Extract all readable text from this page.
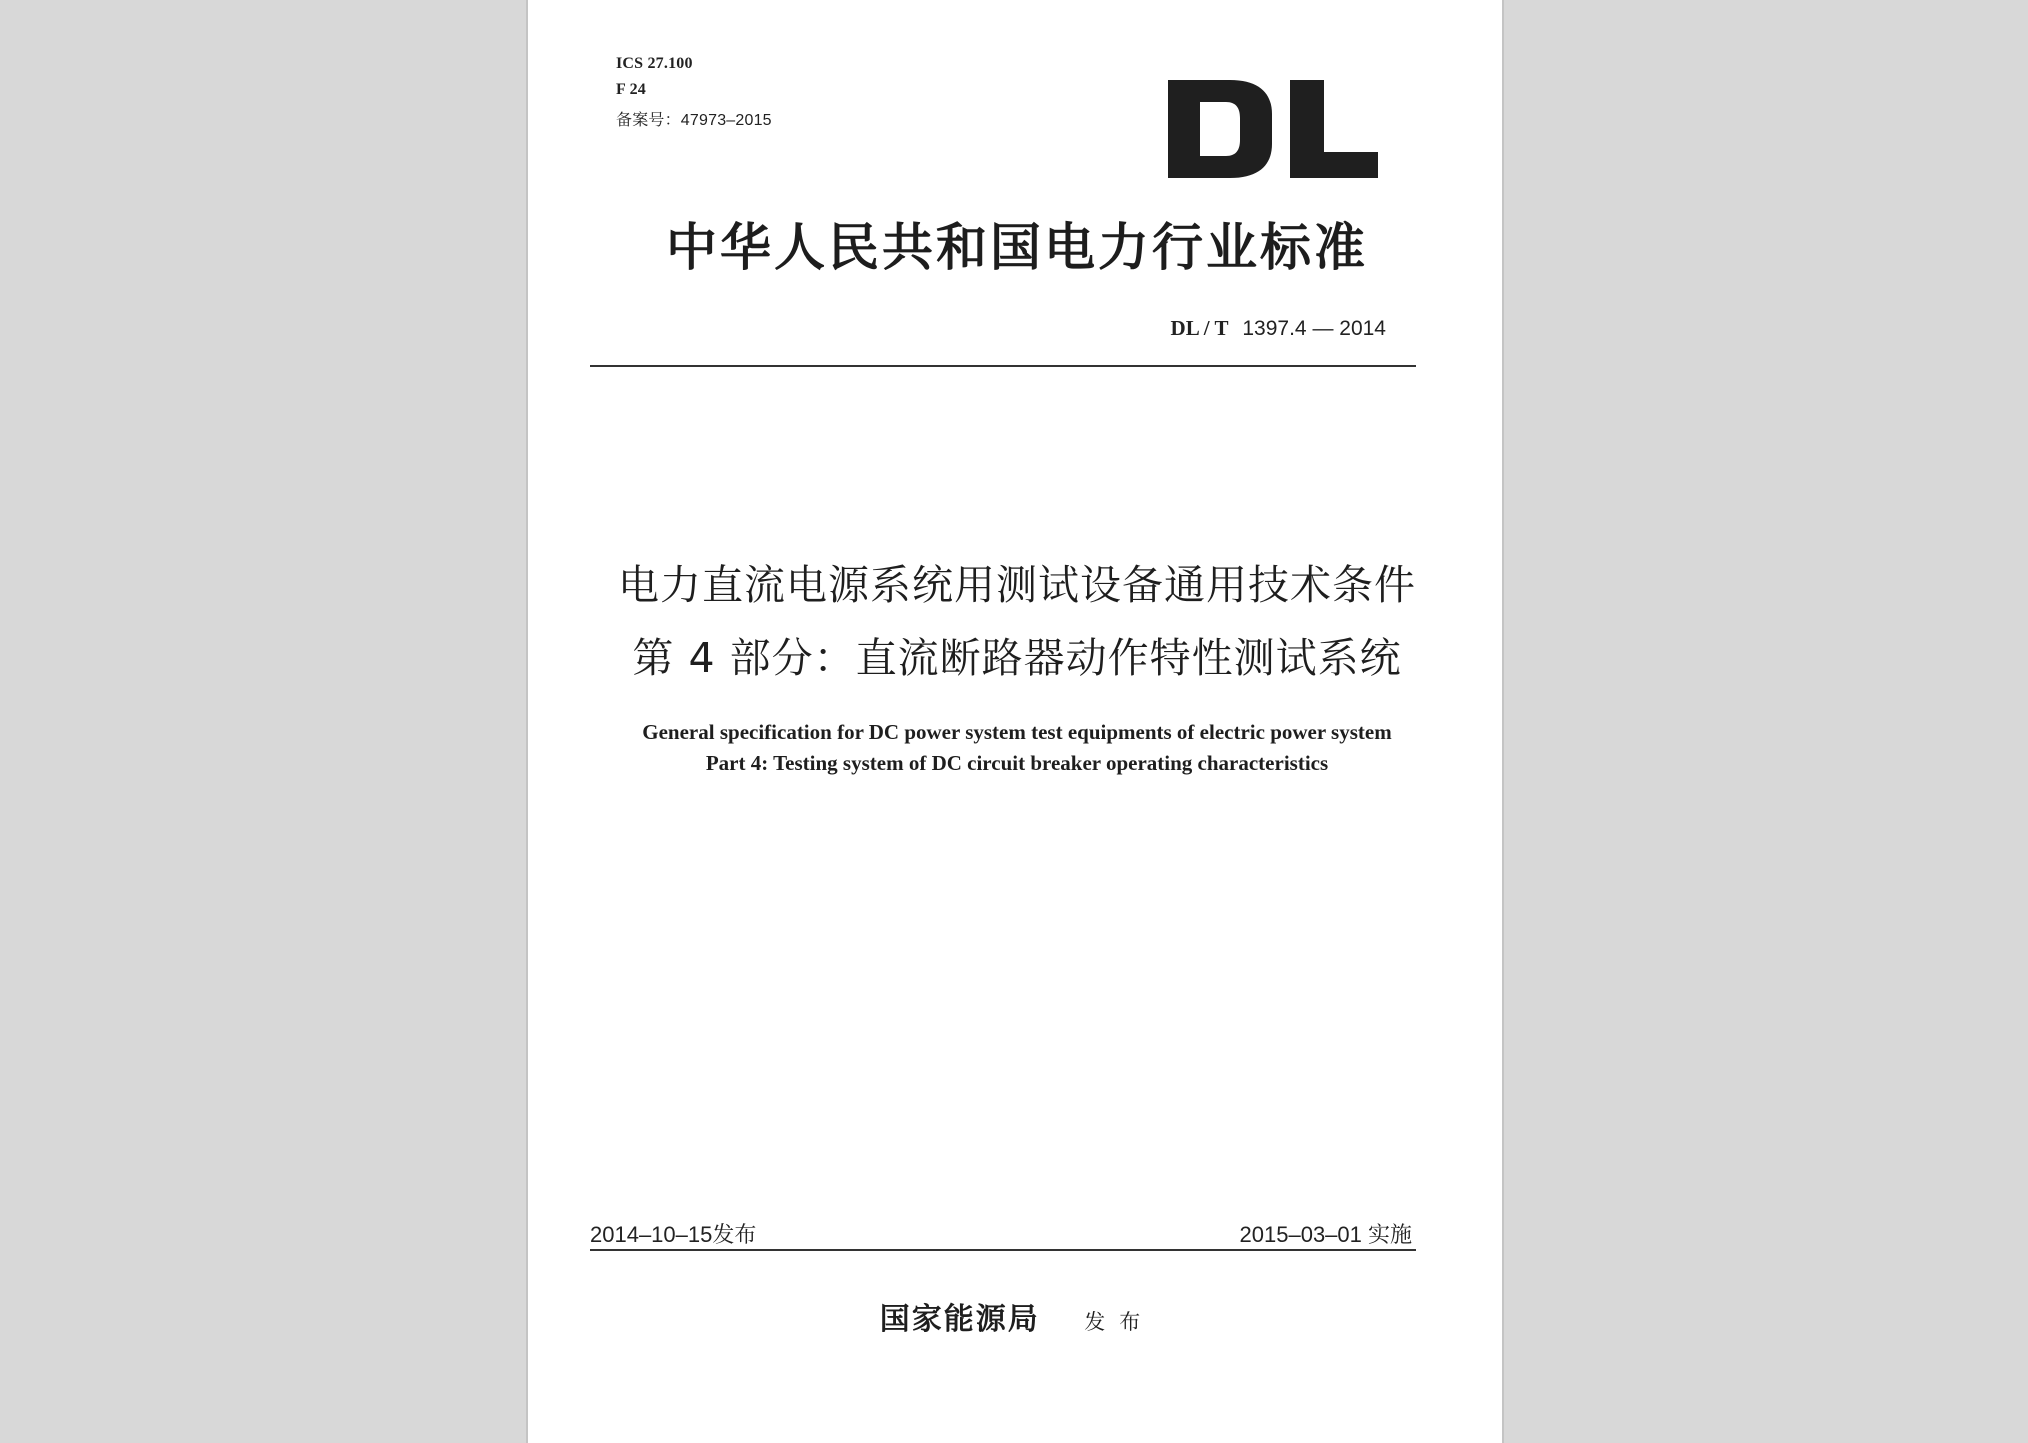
ICS 27.100
F 24
备案号：47973–2015
中华人民共和国电力行业标准
DL / T 1397.4 — 2014
电力直流电源系统用测试设备通用技术条件
第 4 部分：直流断路器动作特性测试系统
General specification for DC power system test equipments of electric power system
Part 4: Testing system of DC circuit breaker operating characteristics
2014–10–15发布	2015–03–01 实施
国家能源局 发布
